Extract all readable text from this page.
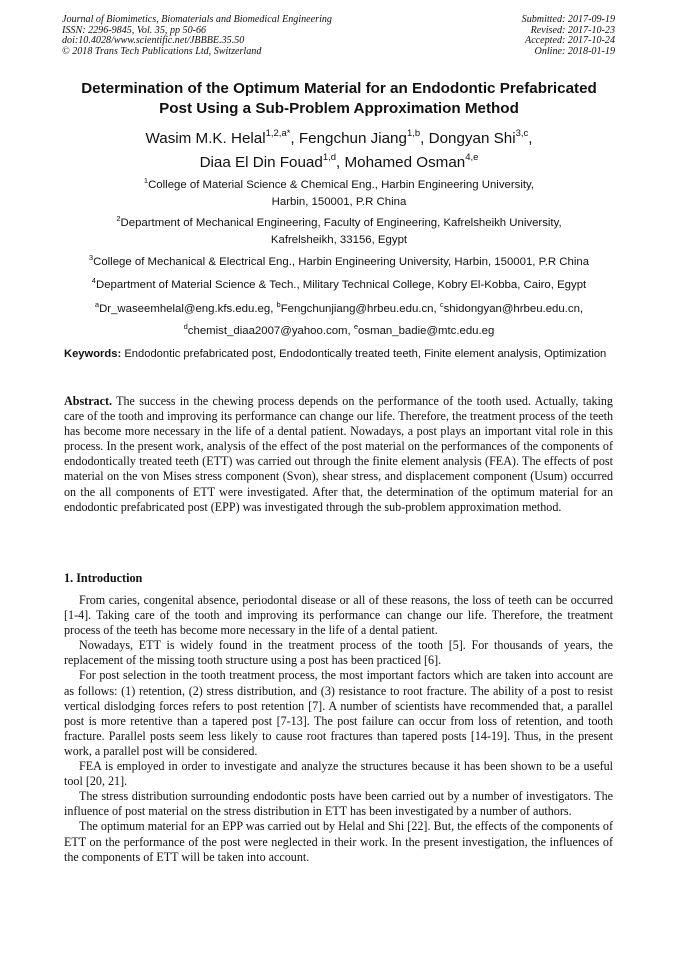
Journal of Biomimetics, Biomaterials and Biomedical Engineering
ISSN: 2296-9845, Vol. 35, pp 50-66
doi:10.4028/www.scientific.net/JBBBE.35.50
© 2018 Trans Tech Publications Ltd, Switzerland
Submitted: 2017-09-19
Revised: 2017-10-23
Accepted: 2017-10-24
Online: 2018-01-19
Determination of the Optimum Material for an Endodontic Prefabricated
Post Using a Sub-Problem Approximation Method
Wasim M.K. Helal$^{1,2,a*}$, Fengchun Jiang$^{1,b}$, Dongyan Shi$^{3,c}$,
Diaa El Din Fouad$^{1,d}$, Mohamed Osman$^{4,e}$
$^1$College of Material Science & Chemical Eng., Harbin Engineering University,
Harbin, 150001, P.R China
$^2$Department of Mechanical Engineering, Faculty of Engineering, Kafrelsheikh University,
Kafrelsheikh, 33156, Egypt
$^3$College of Mechanical & Electrical Eng., Harbin Engineering University, Harbin, 150001, P.R China
$^4$Department of Material Science & Tech., Military Technical College, Kobry El-Kobba, Cairo, Egypt
$^a$Dr_waseemhelal@eng.kfs.edu.eg, $^b$Fengchunjiang@hrbeu.edu.cn, $^c$shidongyan@hrbeu.edu.cn,
$^d$chemist_diaa2007@yahoo.com, $^e$osman_badie@mtc.edu.eg
Keywords: Endodontic prefabricated post, Endodontically treated teeth, Finite element analysis, Optimization
Abstract. The success in the chewing process depends on the performance of the tooth used. Actually, taking care of the tooth and improving its performance can change our life. Therefore, the treatment process of the teeth has become more necessary in the life of a dental patient. Nowadays, a post plays an important vital role in this process. In the present work, analysis of the effect of the post material on the performances of the components of endodontically treated teeth (ETT) was carried out through the finite element analysis (FEA). The effects of post material on the von Mises stress component (Svon), shear stress, and displacement component (Usum) occurred on the all components of ETT were investigated. After that, the determination of the optimum material for an endodontic prefabricated post (EPP) was investigated through the sub-problem approximation method.
1. Introduction

From caries, congenital absence, periodontal disease or all of these reasons, the loss of teeth can be occurred [1-4]. Taking care of the tooth and improving its performance can change our life. Therefore, the treatment process of the teeth has become more necessary in the life of a dental patient.

Nowadays, ETT is widely found in the treatment process of the tooth [5]. For thousands of years, the replacement of the missing tooth structure using a post has been practiced [6].

For post selection in the tooth treatment process, the most important factors which are taken into account are as follows: (1) retention, (2) stress distribution, and (3) resistance to root fracture. The ability of a post to resist vertical dislodging forces refers to post retention [7]. A number of scientists have recommended that, a parallel post is more retentive than a tapered post [7-13]. The post failure can occur from loss of retention, and tooth fracture. Parallel posts seem less likely to cause root fractures than tapered posts [14-19]. Thus, in the present work, a parallel post will be considered.

FEA is employed in order to investigate and analyze the structures because it has been shown to be a useful tool [20, 21].

The stress distribution surrounding endodontic posts have been carried out by a number of investigators. The influence of post material on the stress distribution in ETT has been investigated by a number of authors.

The optimum material for an EPP was carried out by Helal and Shi [22]. But, the effects of the components of ETT on the performance of the post were neglected in their work. In the present investigation, the influences of the components of ETT will be taken into account.
